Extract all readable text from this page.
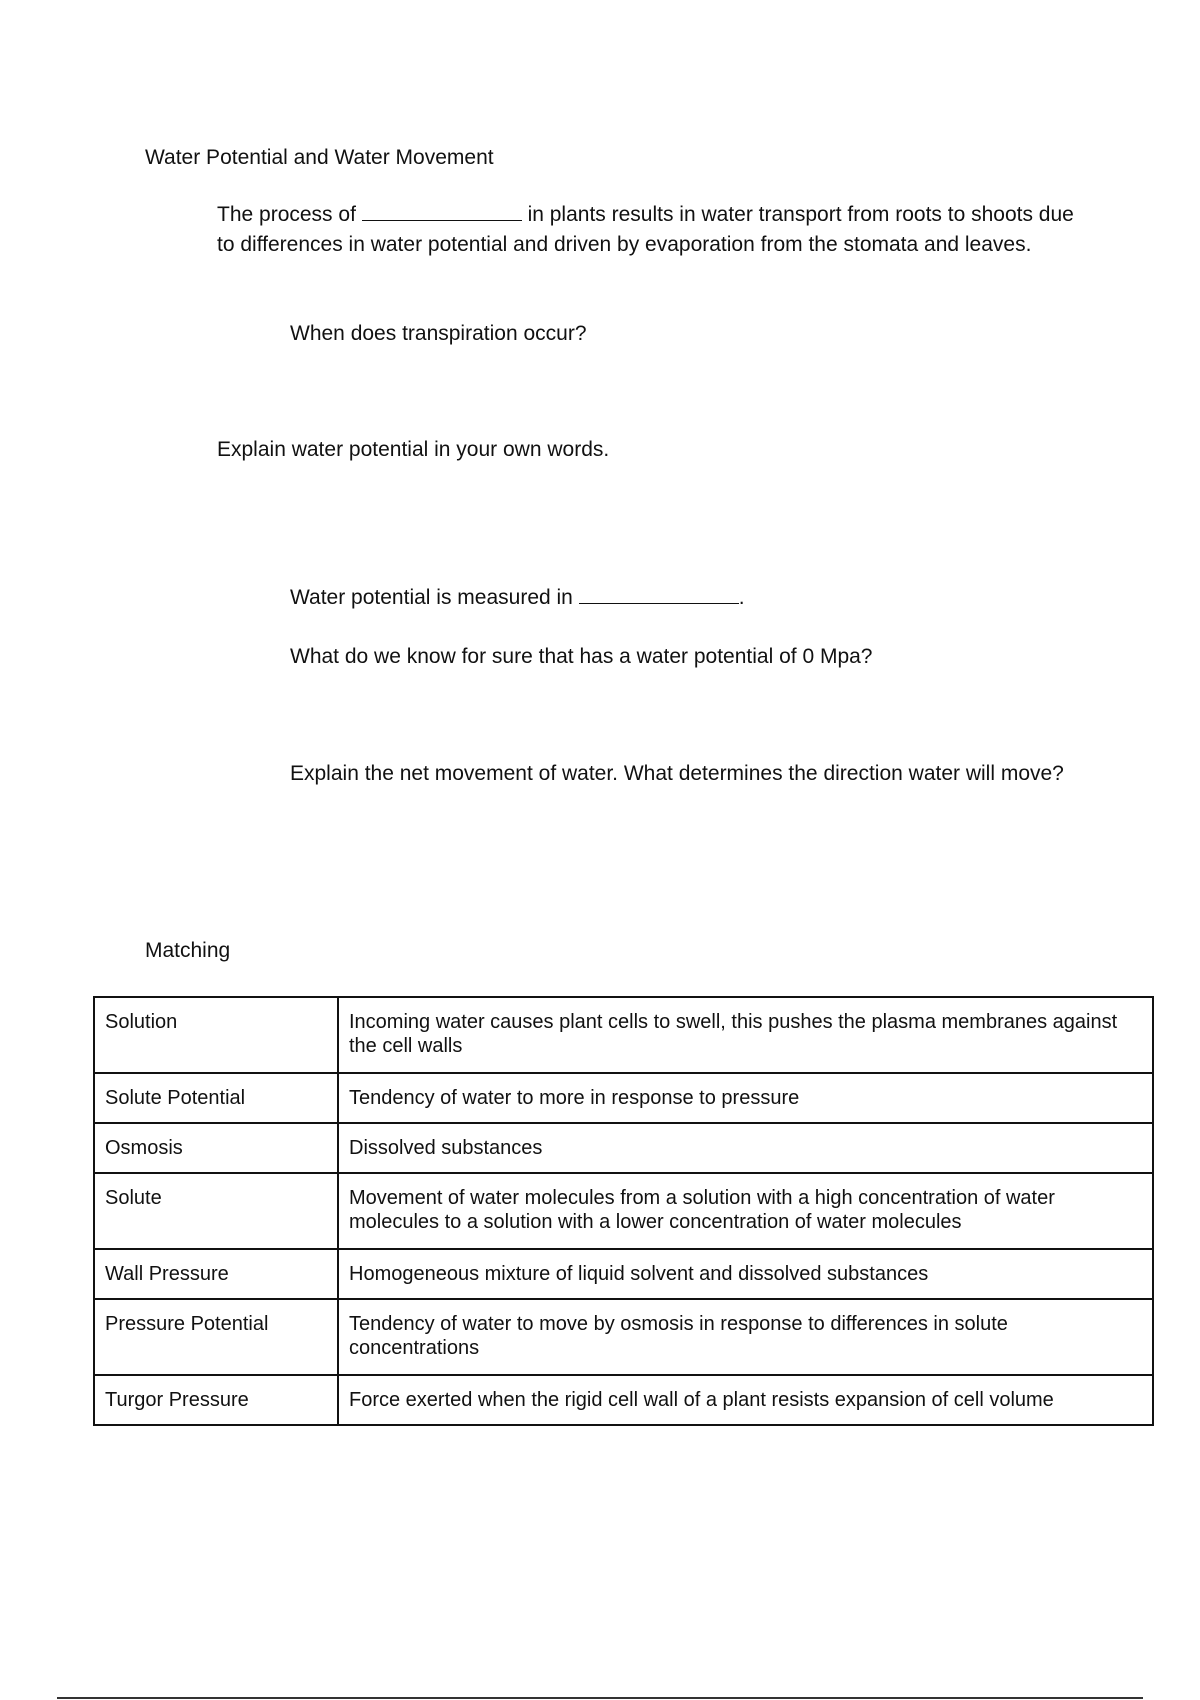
Water Potential and Water Movement

The process of	in plants results in water transport from roots to shoots due to differences in water potential and driven by evaporation from the stomata and leaves.

When does transpiration occur?

Explain water potential in your own words.

Water potential is measured in	.

What do we know for sure that has a water potential of 0 Mpa?

Explain the net movement of water. What determines the direction water will move?

Matching

Solution	Incoming water causes plant cells to swell, this pushes the plasma membranes against the cell walls
Solute Potential	Tendency of water to more in response to pressure
Osmosis	Dissolved substances
Solute	Movement of water molecules from a solution with a high concentration of water molecules to a solution with a lower concentration of water molecules
Wall Pressure	Homogeneous mixture of liquid solvent and dissolved substances
Pressure Potential	Tendency of water to move by osmosis in response to differences in solute concentrations
Turgor Pressure	Force exerted when the rigid cell wall of a plant resists expansion of cell volume
